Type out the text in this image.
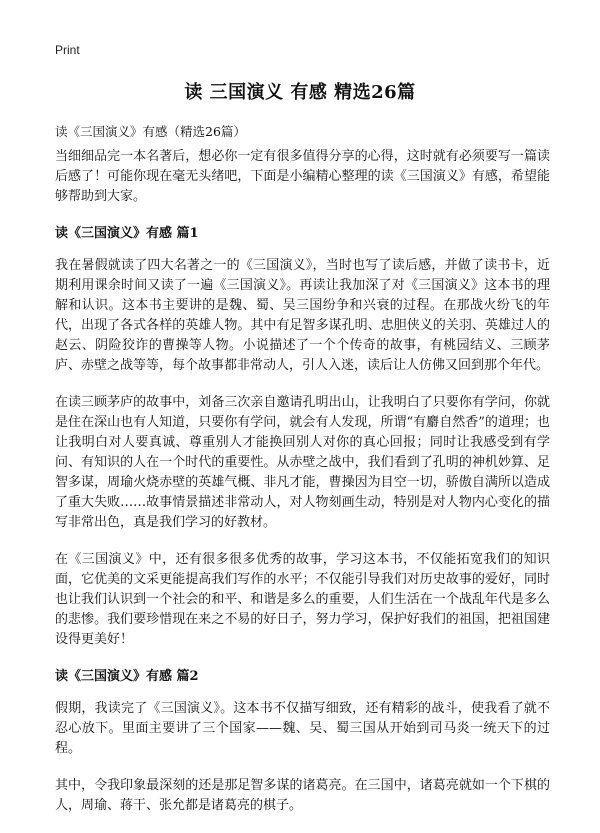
Print
读 三国演义 有感 精选26篇

读《三国演义》有感（精选26篇）

当细细品完一本名著后，想必你一定有很多值得分享的心得，这时就有必须要写一篇读后感了！可能你现在毫无头绪吧，下面是小编精心整理的读《三国演义》有感，希望能够帮助到大家。

读《三国演义》有感 篇1

我在暑假就读了四大名著之一的《三国演义》，当时也写了读后感，并做了读书卡，近期利用课余时间又读了一遍《三国演义》。再读让我加深了对《三国演义》这本书的理解和认识。这本书主要讲的是魏、蜀、吴三国纷争和兴衰的过程。在那战火纷飞的年代，出现了各式各样的英雄人物。其中有足智多谋孔明、忠胆侠义的关羽、英雄过人的赵云、阴险狡诈的曹操等人物。小说描述了一个个传奇的故事，有桃园结义、三顾茅庐、赤壁之战等等，每个故事都非常动人，引人入迷，读后让人仿佛又回到那个年代。

在读三顾茅庐的故事中，刘备三次亲自邀请孔明出山，让我明白了只要你有学问，你就是住在深山也有人知道，只要你有学问，就会有人发现，所谓“有麝自然香”的道理；也让我明白对人要真诚、尊重别人才能换回别人对你的真心回报；同时让我感受到有学问、有知识的人在一个时代的重要性。从赤壁之战中，我们看到了孔明的神机妙算、足智多谋，周瑜火烧赤壁的英雄气概、非凡才能，曹操因为目空一切，骄傲自满所以造成了重大失败……故事情景描述非常动人，对人物刻画生动，特别是对人物内心变化的描写非常出色，真是我们学习的好教材。

在《三国演义》中，还有很多很多优秀的故事，学习这本书，不仅能拓宽我们的知识面，它优美的文采更能提高我们写作的水平；不仅能引导我们对历史故事的爱好，同时也让我们认识到一个社会的和平、和谐是多么的重要，人们生活在一个战乱年代是多么的悲惨。我们要珍惜现在来之不易的好日子，努力学习，保护好我们的祖国，把祖国建设得更美好！

读《三国演义》有感 篇2

假期，我读完了《三国演义》。这本书不仅描写细致，还有精彩的战斗，使我看了就不忍心放下。里面主要讲了三个国家——魏、吴、蜀三国从开始到司马炎一统天下的过程。

其中，令我印象最深刻的还是那足智多谋的诸葛亮。在三国中，诸葛亮就如一个下棋的人，周瑜、蒋干、张允都是诸葛亮的棋子。
